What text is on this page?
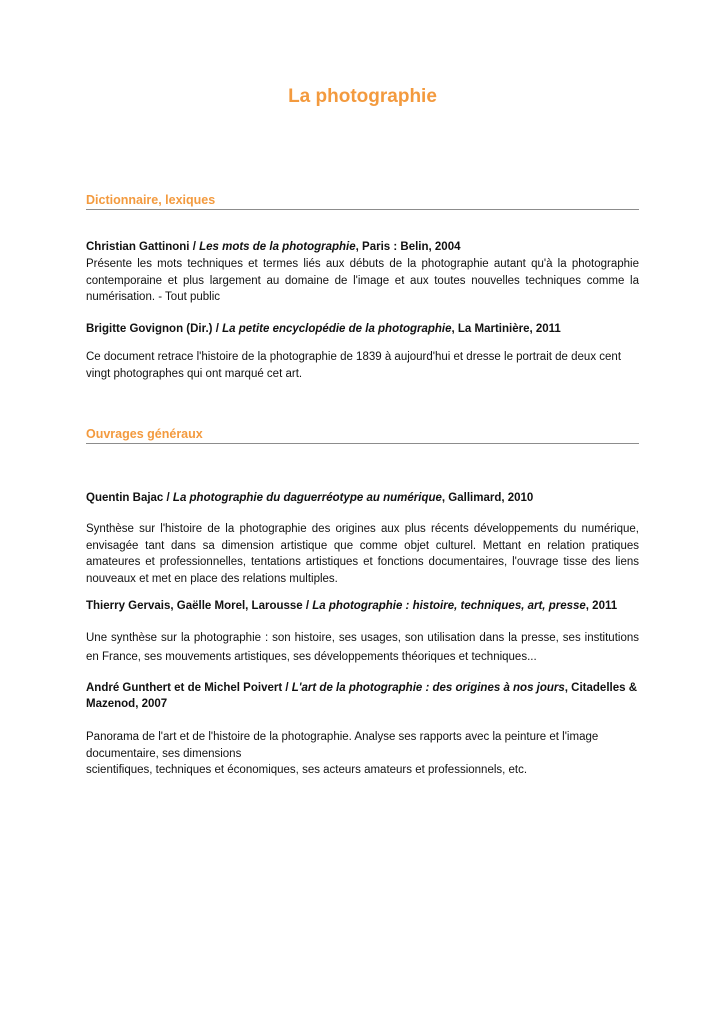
La photographie
Dictionnaire, lexiques

Christian Gattinoni / Les mots de la photographie, Paris : Belin, 2004

Présente les mots techniques et termes liés aux débuts de la photographie autant qu'à la photographie contemporaine et plus largement au domaine de l'image et aux toutes nouvelles techniques comme la numérisation. - Tout public

Brigitte Govignon (Dir.) / La petite encyclopédie de la photographie, La Martinière, 2011

Ce document retrace l'histoire de la photographie de 1839 à aujourd'hui et dresse le portrait de deux cent vingt photographes qui ont marqué cet art.

Ouvrages généraux

Quentin Bajac / La photographie du daguerréotype au numérique, Gallimard, 2010

Synthèse sur l'histoire de la photographie des origines aux plus récents développements du numérique, envisagée tant dans sa dimension artistique que comme objet culturel. Mettant en relation pratiques amateures et professionnelles, tentations artistiques et fonctions documentaires, l'ouvrage tisse des liens nouveaux et met en place des relations multiples.

Thierry Gervais, Gaëlle Morel, Larousse / La photographie : histoire, techniques, art, presse, 2011

Une synthèse sur la photographie : son histoire, ses usages, son utilisation dans la presse, ses institutions en France, ses mouvements artistiques, ses développements théoriques et techniques...

André Gunthert et de Michel Poivert / L'art de la photographie : des origines à nos jours, Citadelles & Mazenod, 2007

Panorama de l'art et de l'histoire de la photographie. Analyse ses rapports avec la peinture et l'image documentaire, ses dimensions

scientifiques, techniques et économiques, ses acteurs amateurs et professionnels, etc.
